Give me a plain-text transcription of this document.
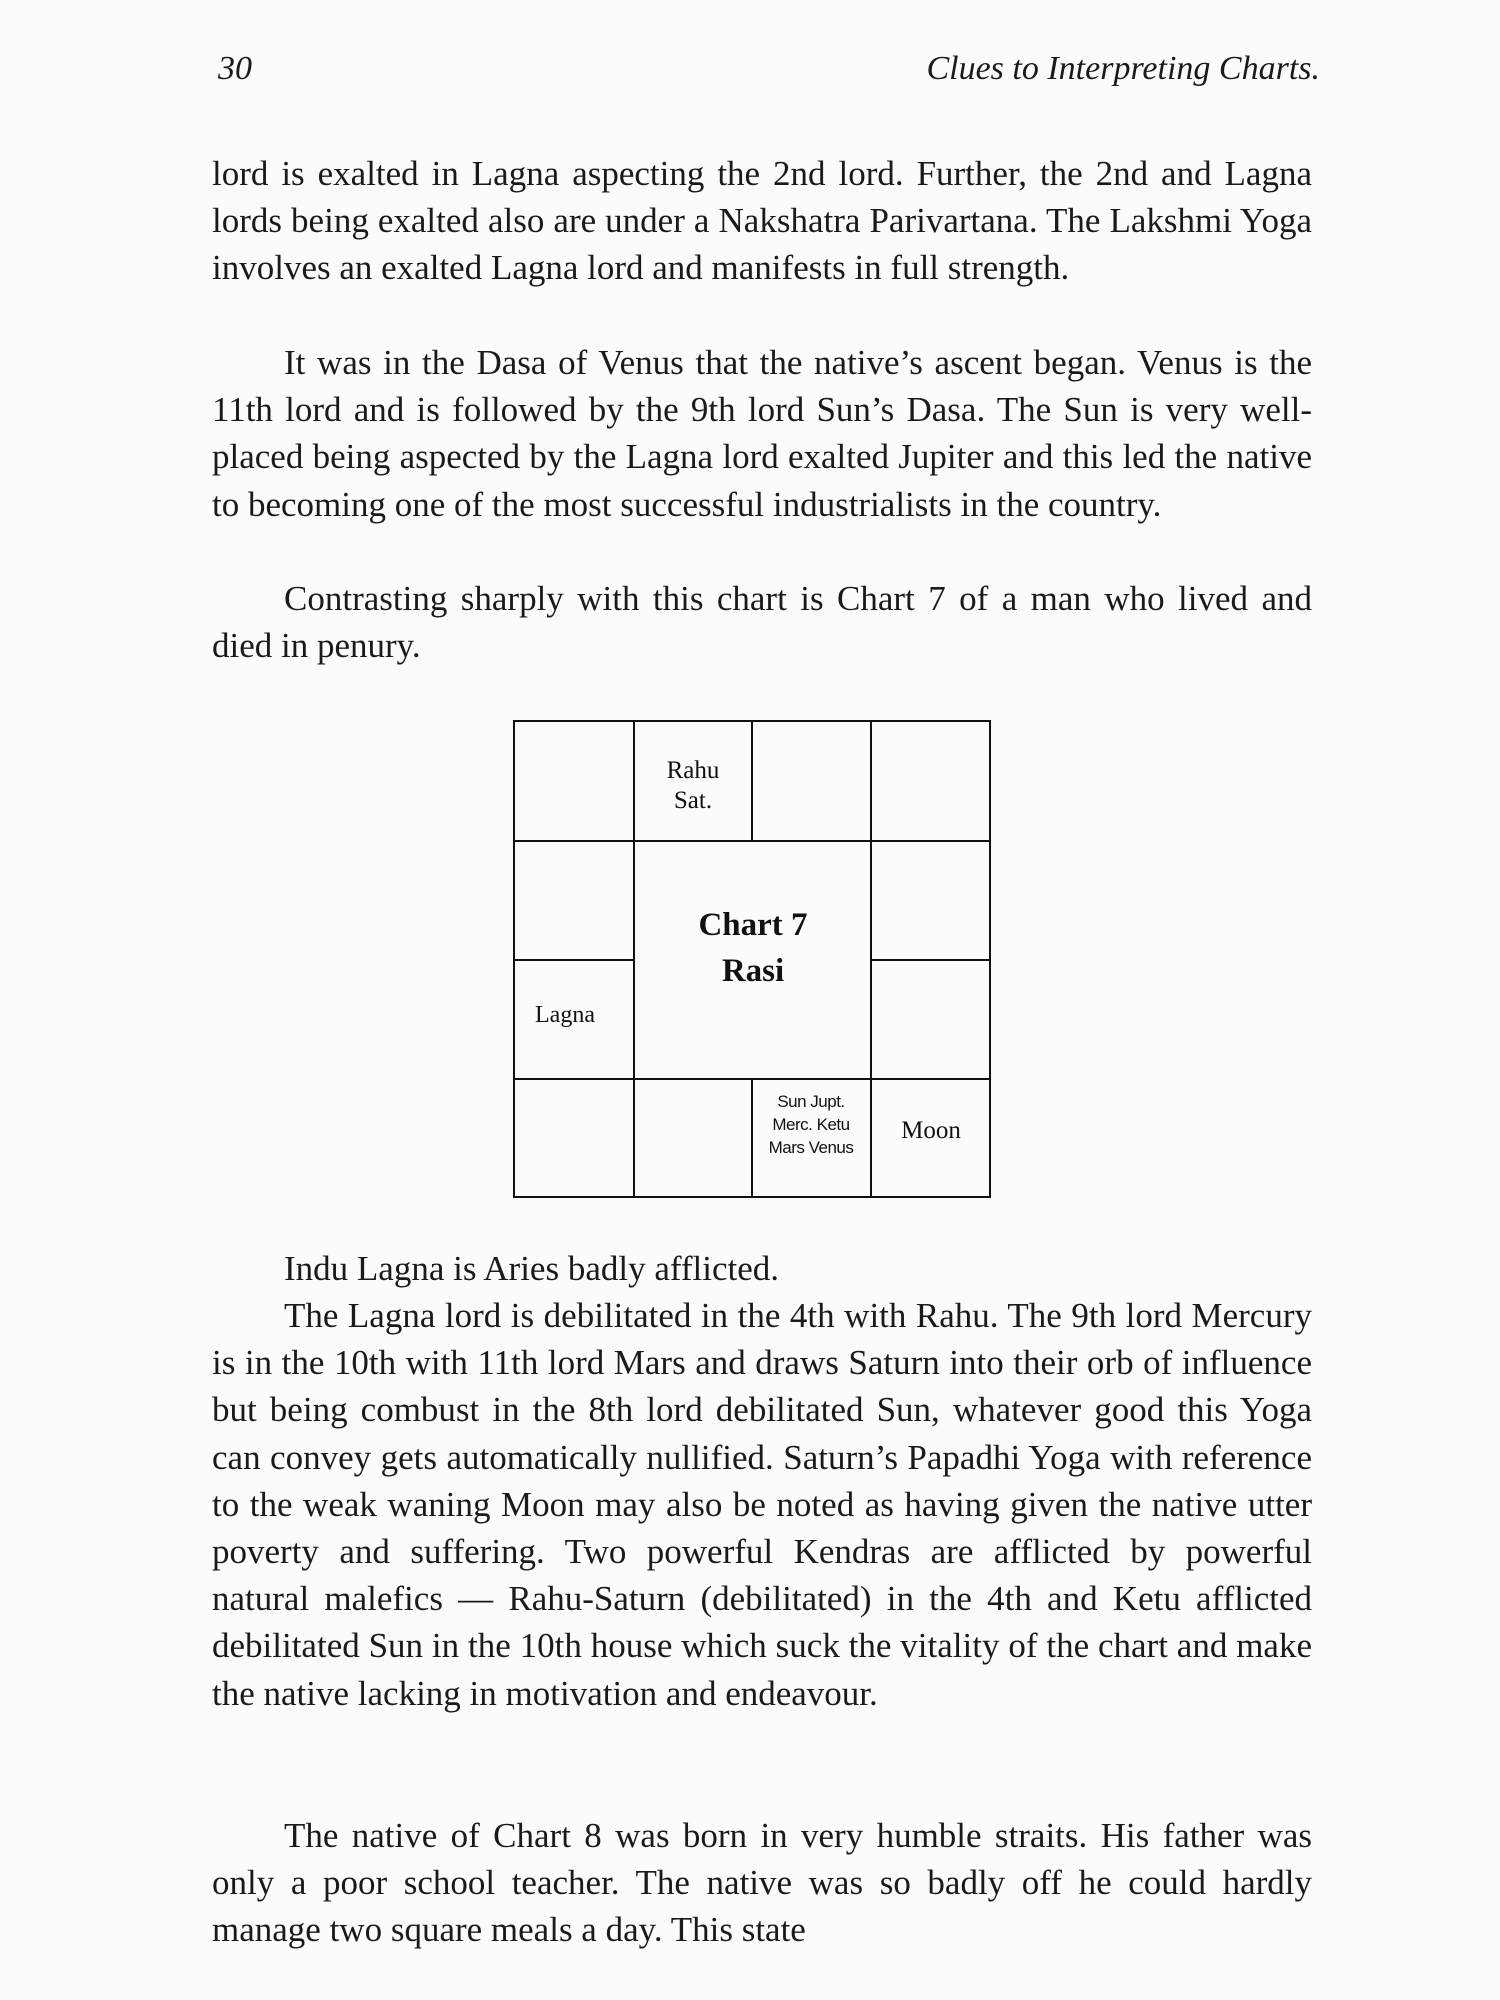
30	Clues to Interpreting Charts.

lord is exalted in Lagna aspecting the 2nd lord. Further, the 2nd and Lagna lords being exalted also are under a Nakshatra Parivartana. The Lakshmi Yoga involves an exalted Lagna lord and manifests in full strength.

It was in the Dasa of Venus that the native’s ascent began. Venus is the 11th lord and is followed by the 9th lord Sun’s Dasa. The Sun is very well-placed being aspected by the Lagna lord exalted Jupiter and this led the native to becoming one of the most successful industrialists in the country.

Contrasting sharply with this chart is Chart 7 of a man who lived and died in penury.

Rahu
Sat.
Chart 7
Rasi
Lagna
Sun Jupt.
Merc. Ketu
Mars Venus
Moon

Indu Lagna is Aries badly afflicted.

The Lagna lord is debilitated in the 4th with Rahu. The 9th lord Mercury is in the 10th with 11th lord Mars and draws Saturn into their orb of influence but being combust in the 8th lord debilitated Sun, whatever good this Yoga can convey gets automatically nullified. Saturn’s Papadhi Yoga with reference to the weak waning Moon may also be noted as having given the native utter poverty and suffering. Two powerful Kendras are afflicted by powerful natural malefics — Rahu-Saturn (debilitated) in the 4th and Ketu afflicted debilitated Sun in the 10th house which suck the vitality of the chart and make the native lacking in motivation and endeavour.

The native of Chart 8 was born in very humble straits. His father was only a poor school teacher. The native was so badly off he could hardly manage two square meals a day. This state
